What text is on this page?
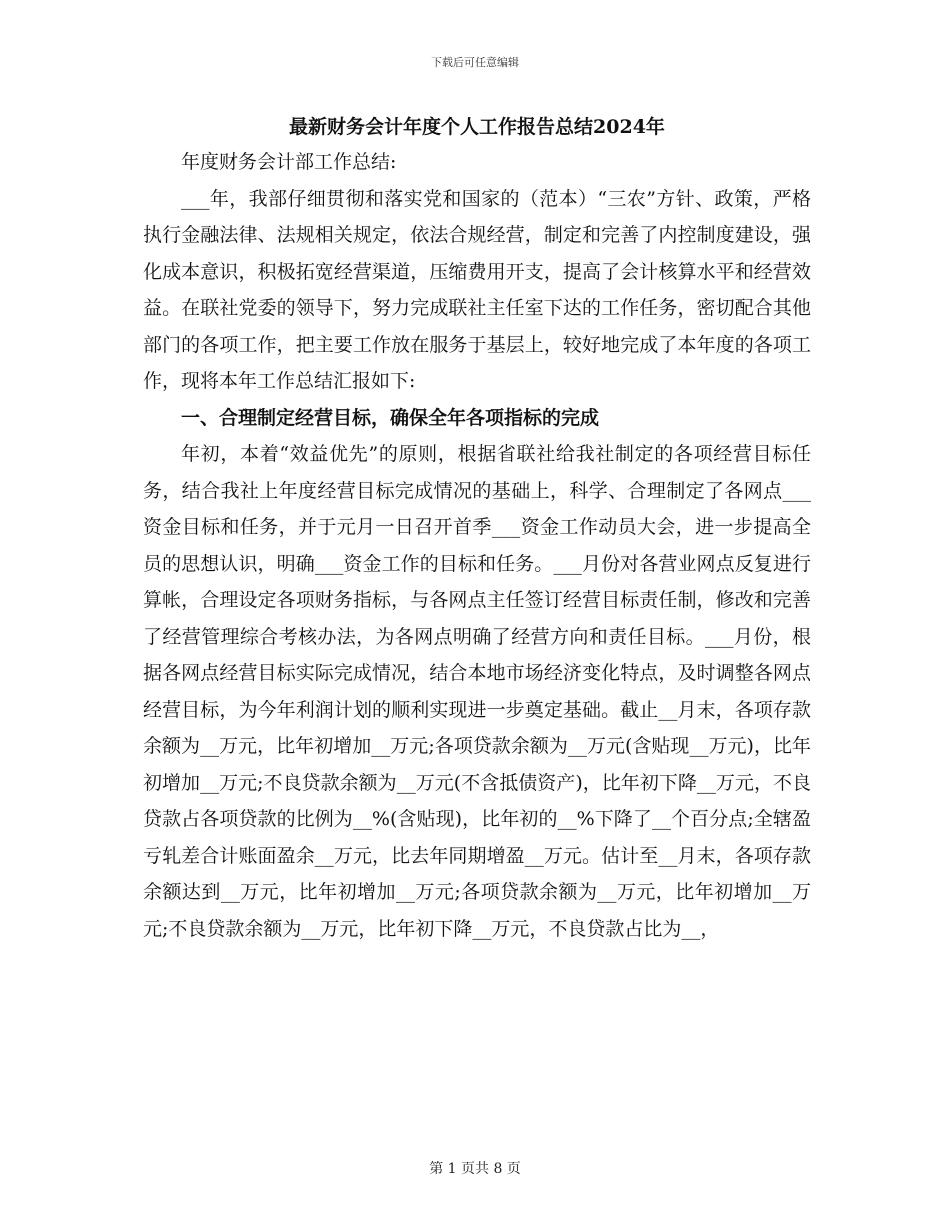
下载后可任意编辑
最新财务会计年度个人工作报告总结2024年

年度财务会计部工作总结:

___年，我部仔细贯彻和落实党和国家的（范本）“三农”方针、政策，严格执行金融法律、法规相关规定，依法合规经营，制定和完善了内控制度建设，强化成本意识，积极拓宽经营渠道，压缩费用开支，提高了会计核算水平和经营效益。在联社党委的领导下，努力完成联社主任室下达的工作任务，密切配合其他部门的各项工作，把主要工作放在服务于基层上，较好地完成了本年度的各项工作，现将本年工作总结汇报如下:

一、合理制定经营目标，确保全年各项指标的完成

年初，本着“效益优先”的原则，根据省联社给我社制定的各项经营目标任务，结合我社上年度经营目标完成情况的基础上，科学、合理制定了各网点___资金目标和任务，并于元月一日召开首季___资金工作动员大会，进一步提高全员的思想认识，明确___资金工作的目标和任务。___月份对各营业网点反复进行算帐，合理设定各项财务指标，与各网点主任签订经营目标责任制，修改和完善了经营管理综合考核办法，为各网点明确了经营方向和责任目标。___月份，根据各网点经营目标实际完成情况，结合本地市场经济变化特点，及时调整各网点经营目标，为今年利润计划的顺利实现进一步奠定基础。截止__月末，各项存款余额为__万元，比年初增加__万元;各项贷款余额为__万元(含贴现__万元)，比年初增加__万元;不良贷款余额为__万元(不含抵债资产)，比年初下降__万元，不良贷款占各项贷款的比例为__%(含贴现)，比年初的__%下降了__个百分点;全辖盈亏轧差合计账面盈余__万元，比去年同期增盈__万元。估计至__月末，各项存款余额达到__万元，比年初增加__万元;各项贷款余额为__万元，比年初增加__万元;不良贷款余额为__万元，比年初下降__万元，不良贷款占比为__，

第 1 页共 8 页
